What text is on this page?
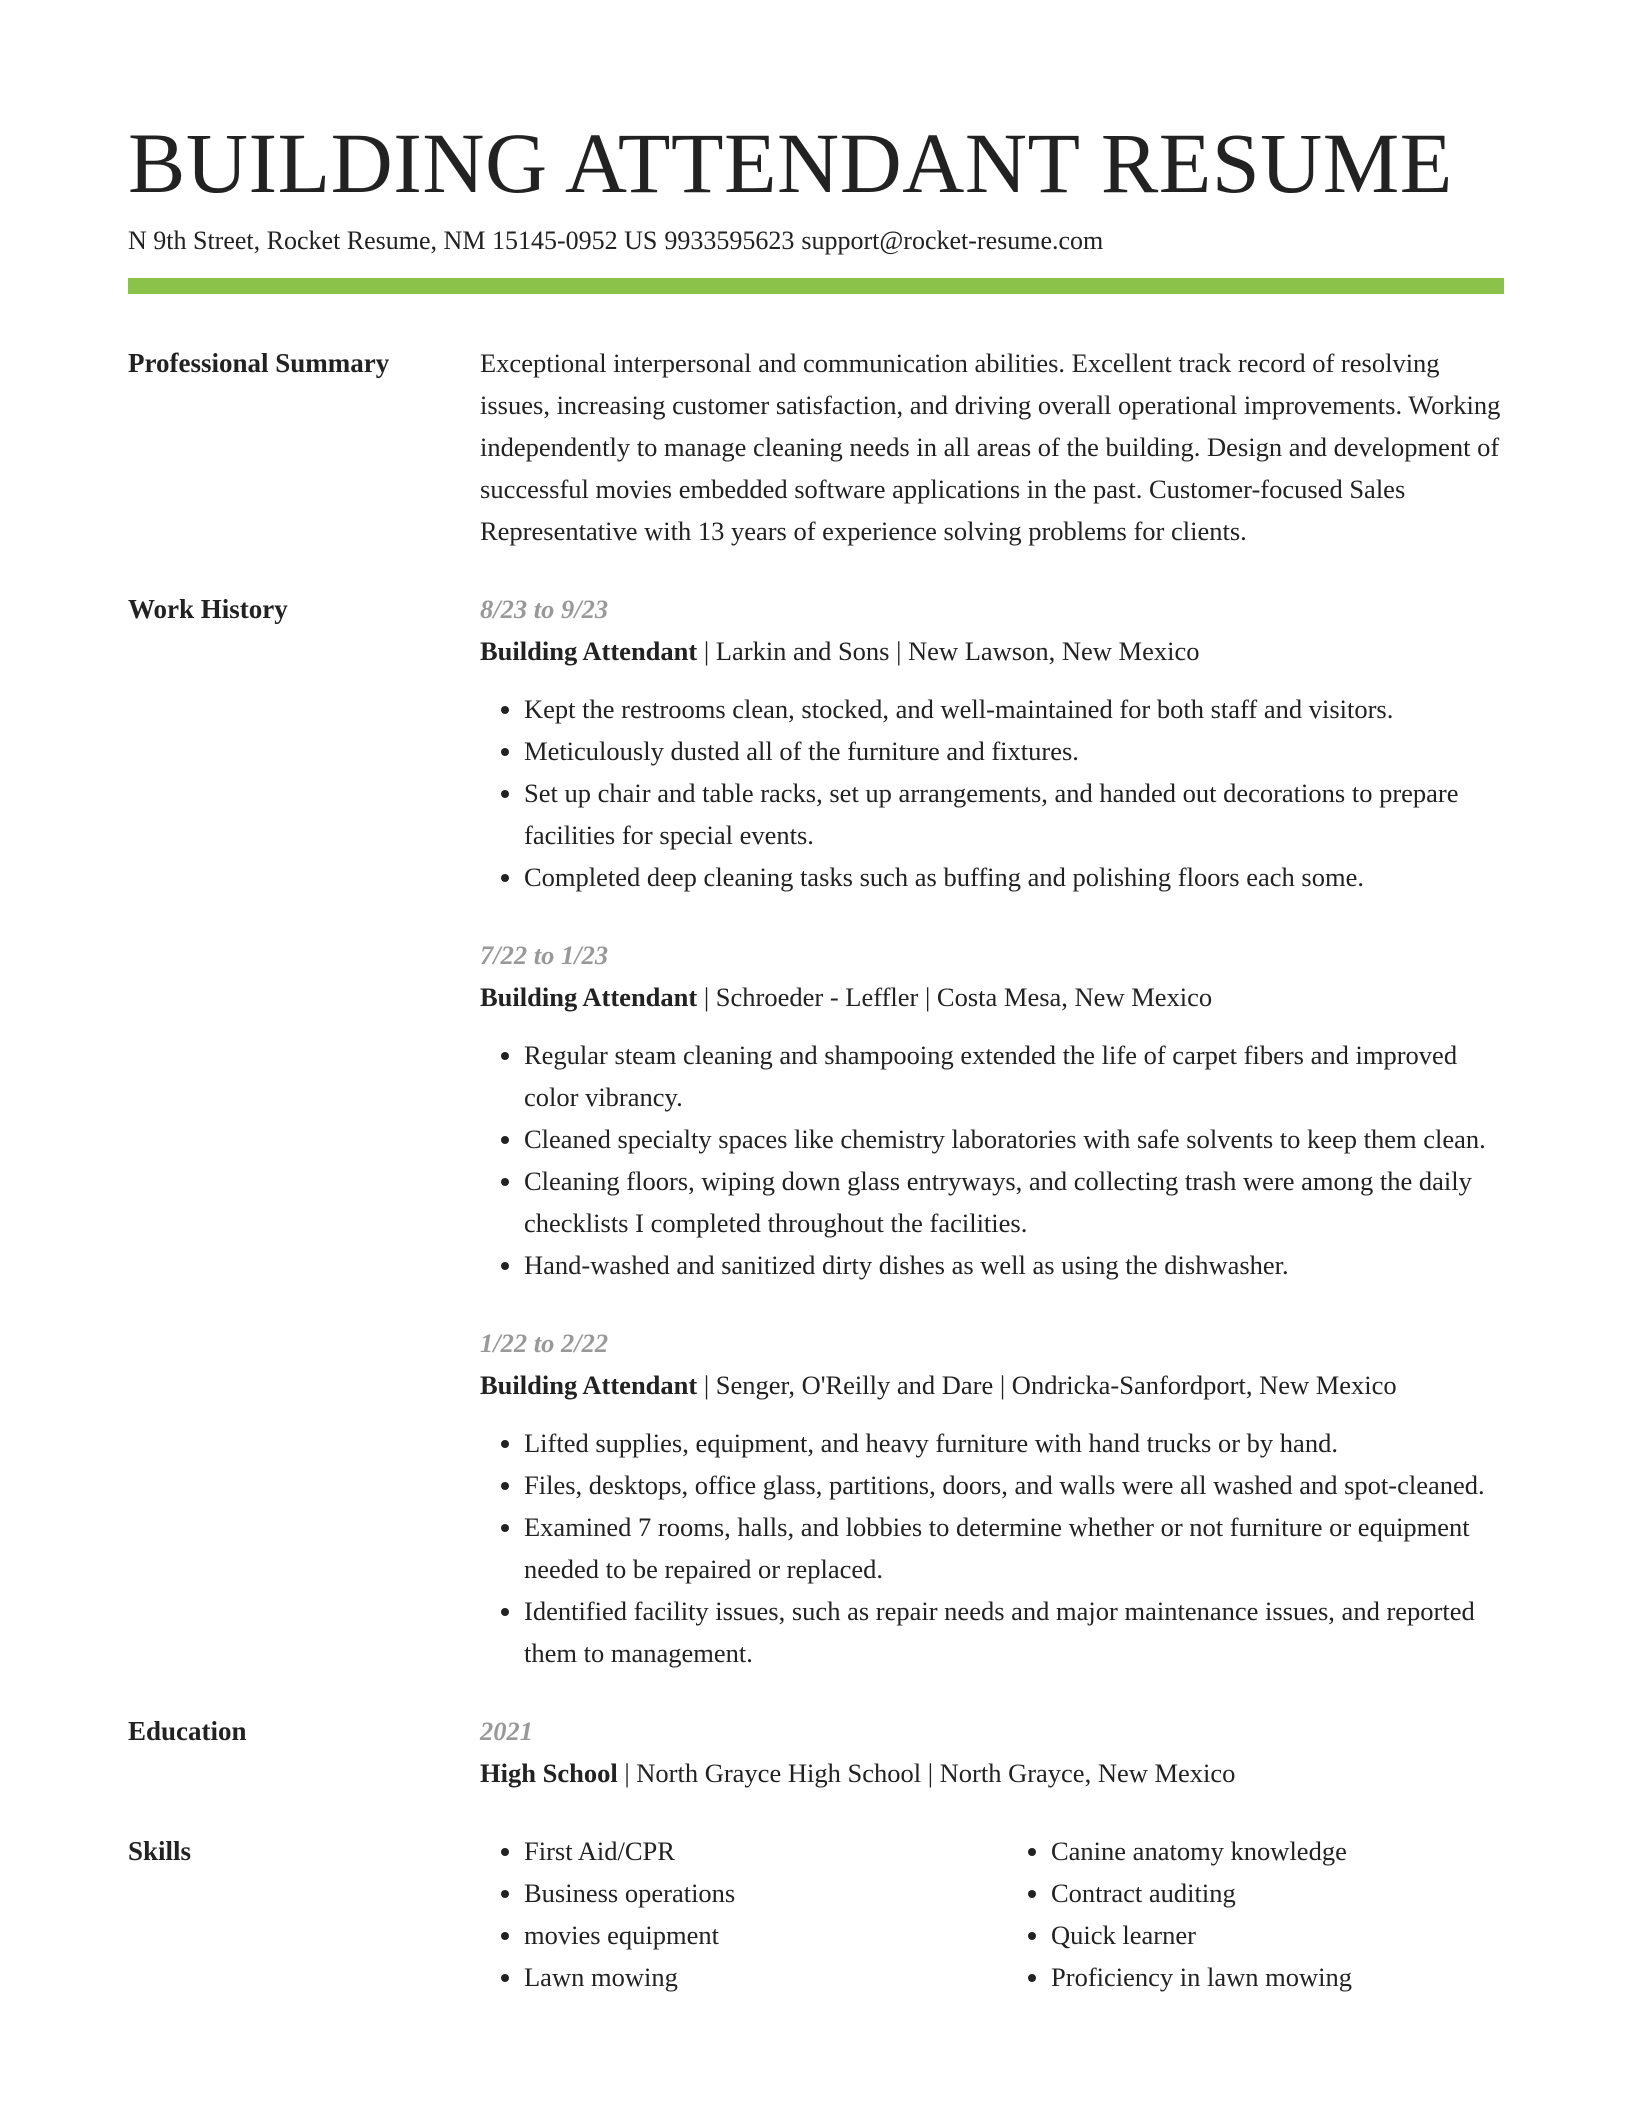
BUILDING ATTENDANT RESUME
N 9th Street, Rocket Resume, NM 15145-0952 US 9933595623 support@rocket-resume.com
Professional Summary	Exceptional interpersonal and communication abilities. Excellent track record of resolving issues, increasing customer satisfaction, and driving overall operational improvements. Working independently to manage cleaning needs in all areas of the building. Design and development of successful movies embedded software applications in the past. Customer-focused Sales Representative with 13 years of experience solving problems for clients.

Work History	8/23 to 9/23
Building Attendant | Larkin and Sons | New Lawson, New Mexico
• Kept the restrooms clean, stocked, and well-maintained for both staff and visitors.
• Meticulously dusted all of the furniture and fixtures.
• Set up chair and table racks, set up arrangements, and handed out decorations to prepare facilities for special events.
• Completed deep cleaning tasks such as buffing and polishing floors each some.
7/22 to 1/23
Building Attendant | Schroeder - Leffler | Costa Mesa, New Mexico
• Regular steam cleaning and shampooing extended the life of carpet fibers and improved color vibrancy.
• Cleaned specialty spaces like chemistry laboratories with safe solvents to keep them clean.
• Cleaning floors, wiping down glass entryways, and collecting trash were among the daily checklists I completed throughout the facilities.
• Hand-washed and sanitized dirty dishes as well as using the dishwasher.
1/22 to 2/22
Building Attendant | Senger, O'Reilly and Dare | Ondricka-Sanfordport, New Mexico
• Lifted supplies, equipment, and heavy furniture with hand trucks or by hand.
• Files, desktops, office glass, partitions, doors, and walls were all washed and spot-cleaned.
• Examined 7 rooms, halls, and lobbies to determine whether or not furniture or equipment needed to be repaired or replaced.
• Identified facility issues, such as repair needs and major maintenance issues, and reported them to management.
Education	2021
High School | North Grayce High School | North Grayce, New Mexico
Skills
•	First Aid/CPR
• Business operations
• movies equipment
• Lawn mowing
• Canine anatomy knowledge
• Contract auditing
• Quick learner
• Proficiency in lawn mowing
